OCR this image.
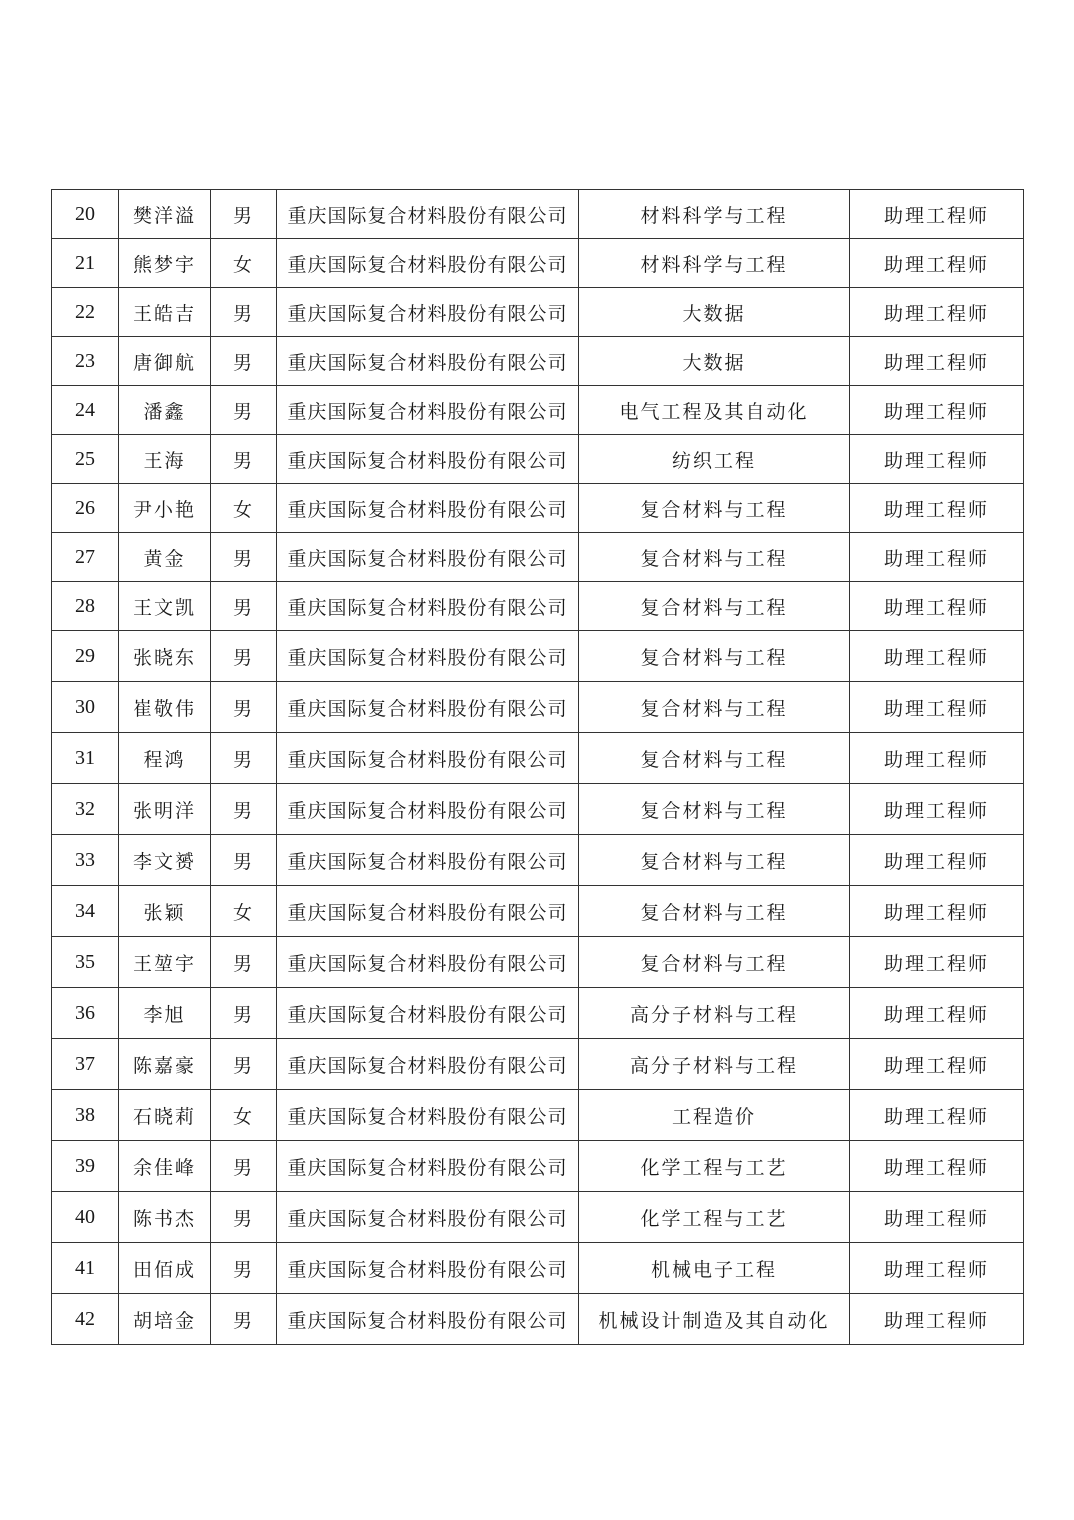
20	樊洋溢	男	重庆国际复合材料股份有限公司	材料科学与工程	助理工程师
21	熊梦宇	女	重庆国际复合材料股份有限公司	材料科学与工程	助理工程师
22	王皓吉	男	重庆国际复合材料股份有限公司	大数据	助理工程师
23	唐御航	男	重庆国际复合材料股份有限公司	大数据	助理工程师
24	潘鑫	男	重庆国际复合材料股份有限公司	电气工程及其自动化	助理工程师
25	王海	男	重庆国际复合材料股份有限公司	纺织工程	助理工程师
26	尹小艳	女	重庆国际复合材料股份有限公司	复合材料与工程	助理工程师
27	黄金	男	重庆国际复合材料股份有限公司	复合材料与工程	助理工程师
28	王文凯	男	重庆国际复合材料股份有限公司	复合材料与工程	助理工程师
29	张晓东	男	重庆国际复合材料股份有限公司	复合材料与工程	助理工程师
30	崔敬伟	男	重庆国际复合材料股份有限公司	复合材料与工程	助理工程师
31	程鸿	男	重庆国际复合材料股份有限公司	复合材料与工程	助理工程师
32	张明洋	男	重庆国际复合材料股份有限公司	复合材料与工程	助理工程师
33	李文赟	男	重庆国际复合材料股份有限公司	复合材料与工程	助理工程师
34	张颖	女	重庆国际复合材料股份有限公司	复合材料与工程	助理工程师
35	王堃宇	男	重庆国际复合材料股份有限公司	复合材料与工程	助理工程师
36	李旭	男	重庆国际复合材料股份有限公司	高分子材料与工程	助理工程师
37	陈嘉豪	男	重庆国际复合材料股份有限公司	高分子材料与工程	助理工程师
38	石晓莉	女	重庆国际复合材料股份有限公司	工程造价	助理工程师
39	余佳峰	男	重庆国际复合材料股份有限公司	化学工程与工艺	助理工程师
40	陈书杰	男	重庆国际复合材料股份有限公司	化学工程与工艺	助理工程师
41	田佰成	男	重庆国际复合材料股份有限公司	机械电子工程	助理工程师
42	胡培金	男	重庆国际复合材料股份有限公司	机械设计制造及其自动化	助理工程师
